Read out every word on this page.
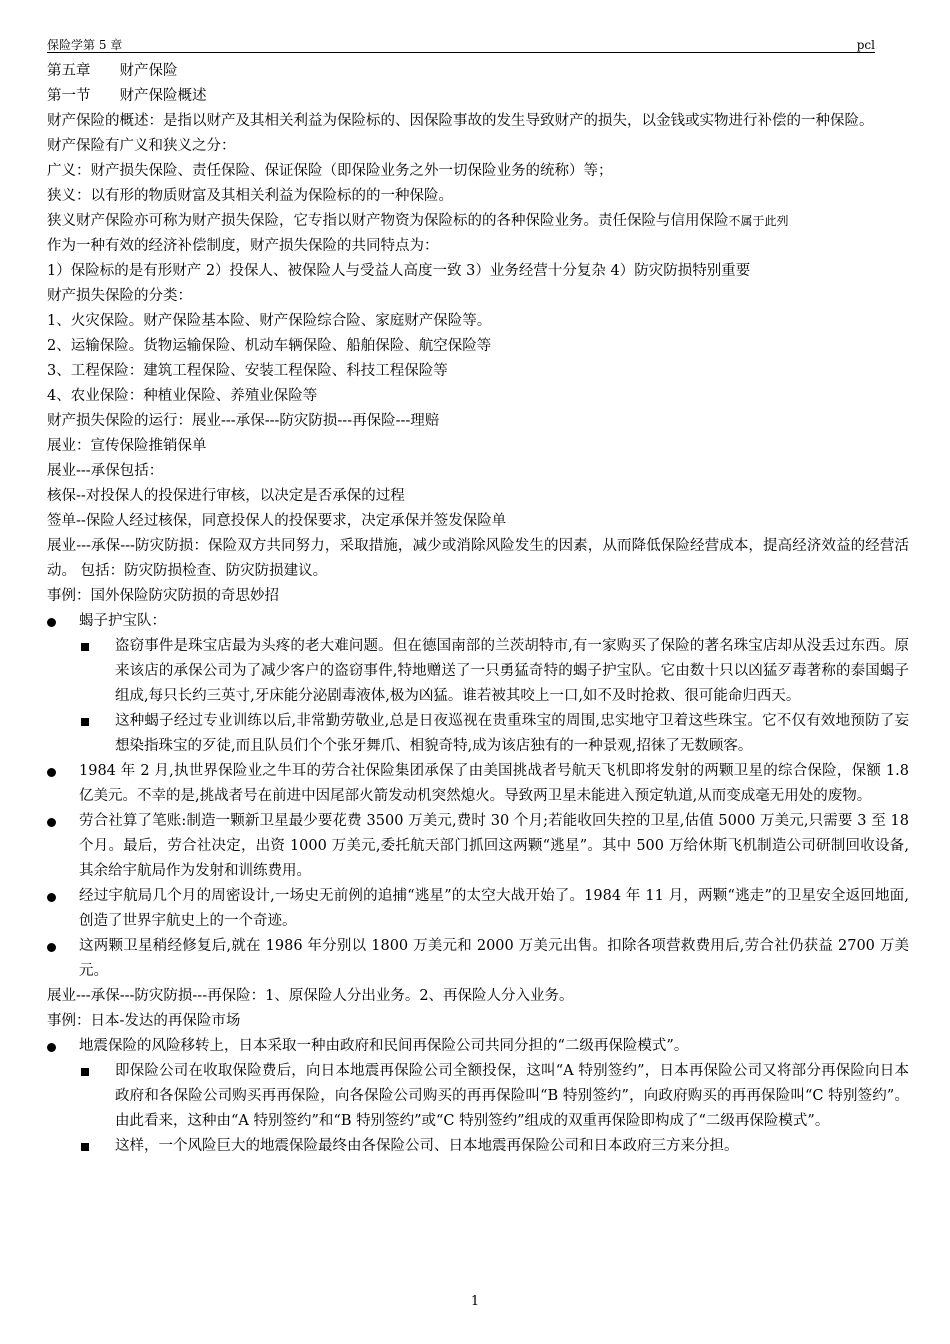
保险学第 5 章	pcl

第五章　　财产保险

第一节　　财产保险概述

财产保险的概述：是指以财产及其相关利益为保险标的、因保险事故的发生导致财产的损失，以金钱或实物进行补偿的一种保险。

财产保险有广义和狭义之分：

广义：财产损失保险、责任保险、保证保险（即保险业务之外一切保险业务的统称）等；

狭义：以有形的物质财富及其相关利益为保险标的的一种保险。

狭义财产保险亦可称为财产损失保险，它专指以财产物资为保险标的的各种保险业务。责任保险与信用保险不属于此列

作为一种有效的经济补偿制度，财产损失保险的共同特点为：

1）保险标的是有形财产 2）投保人、被保险人与受益人高度一致 3）业务经营十分复杂 4）防灾防损特别重要

财产损失保险的分类：

1、火灾保险。财产保险基本险、财产保险综合险、家庭财产保险等。

2、运输保险。货物运输保险、机动车辆保险、船舶保险、航空保险等

3、工程保险：建筑工程保险、安装工程保险、科技工程保险等

4、农业保险：种植业保险、养殖业保险等

财产损失保险的运行：展业---承保---防灾防损---再保险---理赔

展业：宣传保险推销保单

展业---承保包括：

核保--对投保人的投保进行审核，以决定是否承保的过程

签单--保险人经过核保，同意投保人的投保要求，决定承保并签发保险单

展业---承保---防灾防损：保险双方共同努力，采取措施，减少或消除风险发生的因素，从而降低保险经营成本，提高经济效益的经营活动。 包括：防灾防损检查、防灾防损建议。

事例：国外保险防灾防损的奇思妙招

蝎子护宝队：
盗窃事件是珠宝店最为头疼的老大难问题。但在德国南部的兰茨胡特市,有一家购买了保险的著名珠宝店却从没丢过东西。原来该店的承保公司为了减少客户的盗窃事件,特地赠送了一只勇猛奇特的蝎子护宝队。它由数十只以凶猛歹毒著称的泰国蝎子组成,每只长约三英寸,牙床能分泌剧毒液体,极为凶猛。谁若被其咬上一口,如不及时抢救、很可能命归西天。
这种蝎子经过专业训练以后,非常勤劳敬业,总是日夜巡视在贵重珠宝的周围,忠实地守卫着这些珠宝。它不仅有效地预防了妄想染指珠宝的歹徒,而且队员们个个张牙舞爪、相貌奇特,成为该店独有的一种景观,招徕了无数顾客。
1984 年 2 月,执世界保险业之牛耳的劳合社保险集团承保了由美国挑战者号航天飞机即将发射的两颗卫星的综合保险，保额 1.8 亿美元。不幸的是,挑战者号在前进中因尾部火箭发动机突然熄火。导致两卫星未能进入预定轨道,从而变成毫无用处的废物。
劳合社算了笔账:制造一颗新卫星最少要花费 3500 万美元,费时 30 个月;若能收回失控的卫星,估值 5000 万美元,只需要 3 至 18 个月。最后，劳合社决定，出资 1000 万美元,委托航天部门抓回这两颗“逃星”。其中 500 万给休斯飞机制造公司研制回收设备,其余给宇航局作为发射和训练费用。
经过宇航局几个月的周密设计,一场史无前例的追捕“逃星”的太空大战开始了。1984 年 11 月，两颗“逃走”的卫星安全返回地面,创造了世界宇航史上的一个奇迹。
这两颗卫星稍经修复后,就在 1986 年分别以 1800 万美元和 2000 万美元出售。扣除各项营救费用后,劳合社仍获益 2700 万美元。

展业---承保---防灾防损---再保险：1、原保险人分出业务。2、再保险人分入业务。

事例：日本-发达的再保险市场

地震保险的风险移转上，日本采取一种由政府和民间再保险公司共同分担的“二级再保险模式”。
即保险公司在收取保险费后，向日本地震再保险公司全额投保，这叫“A 特别签约”，日本再保险公司又将部分再保险向日本政府和各保险公司购买再再保险，向各保险公司购买的再再保险叫“B 特别签约”，向政府购买的再再保险叫“C 特别签约”。由此看来，这种由“A 特别签约”和“B 特别签约”或“C 特别签约”组成的双重再保险即构成了“二级再保险模式”。
这样，一个风险巨大的地震保险最终由各保险公司、日本地震再保险公司和日本政府三方来分担。
1
